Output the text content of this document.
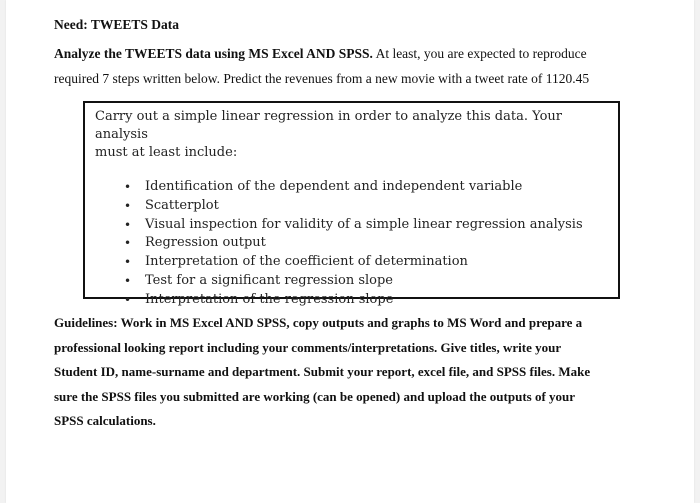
Need: TWEETS Data
Analyze the TWEETS data using MS Excel AND SPSS. At least, you are expected to reproduce
required 7 steps written below. Predict the revenues from a new movie with a tweet rate of 1120.45
Carry out a simple linear regression in order to analyze this data. Your analysis
must at least include:
• Identification of the dependent and independent variable
• Scatterplot
• Visual inspection for validity of a simple linear regression analysis
• Regression output
• Interpretation of the coefficient of determination
• Test for a significant regression slope
• Interpretation of the regression slope
Guidelines: Work in MS Excel AND SPSS, copy outputs and graphs to MS Word and prepare a
professional looking report including your comments/interpretations. Give titles, write your
Student ID, name-surname and department. Submit your report, excel file, and SPSS files. Make
sure the SPSS files you submitted are working (can be opened) and upload the outputs of your
SPSS calculations.
